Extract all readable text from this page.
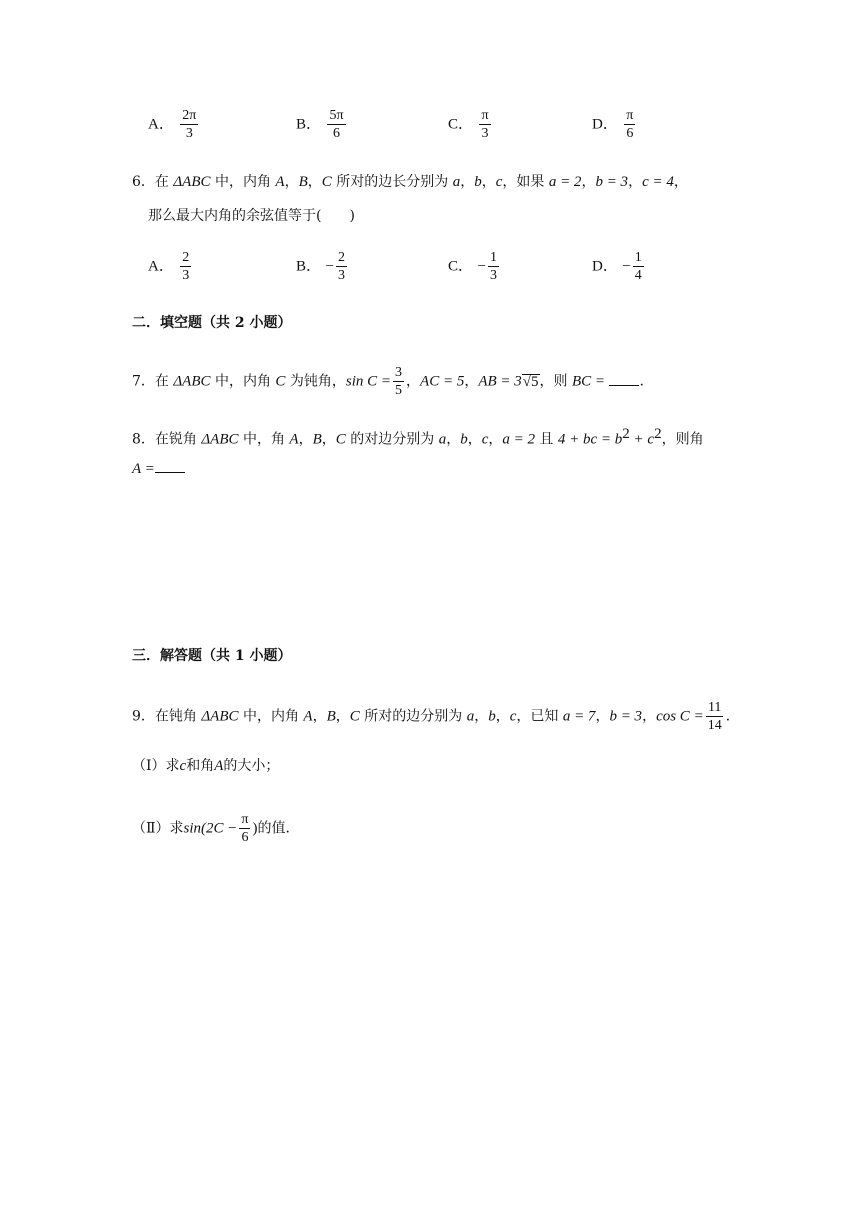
A． $\frac{2\pi}{3}$	B． $\frac{5\pi}{6}$	C． $\frac{\pi}{3}$	D． $\frac{\pi}{6}$
6．在 ΔABC 中，内角 A，B，C 所对的边长分别为 a，b，c，如果 a = 2，b = 3，c = 4，
那么最大内角的余弦值等于(　　)
A． $\frac{2}{3}$	B． − $\frac{2}{3}$	C． − $\frac{1}{3}$	D． − $\frac{1}{4}$
二．填空题（共 2 小题）
7．在 ΔABC 中，内角 C 为钝角，$\sin C = \frac{3}{5}$ ，AC = 5，AB = 3√5，则 BC = .
8．在锐角 ΔABC 中，角 A，B，C 的对边分别为 a，b，c，a = 2 且 4 + bc = $b^2 + c^2$，则角
A =
三．解答题（共 1 小题）
9．在钝角 ΔABC 中，内角 A，B，C 所对的边分别为 a，b，c，已知 a = 7，b = 3，$\cos C = \frac{11}{14}$ ．
（Ⅰ）求c和角A的大小；
（Ⅱ）求$\sin(2C - \frac{\pi}{6}$ )的值．
